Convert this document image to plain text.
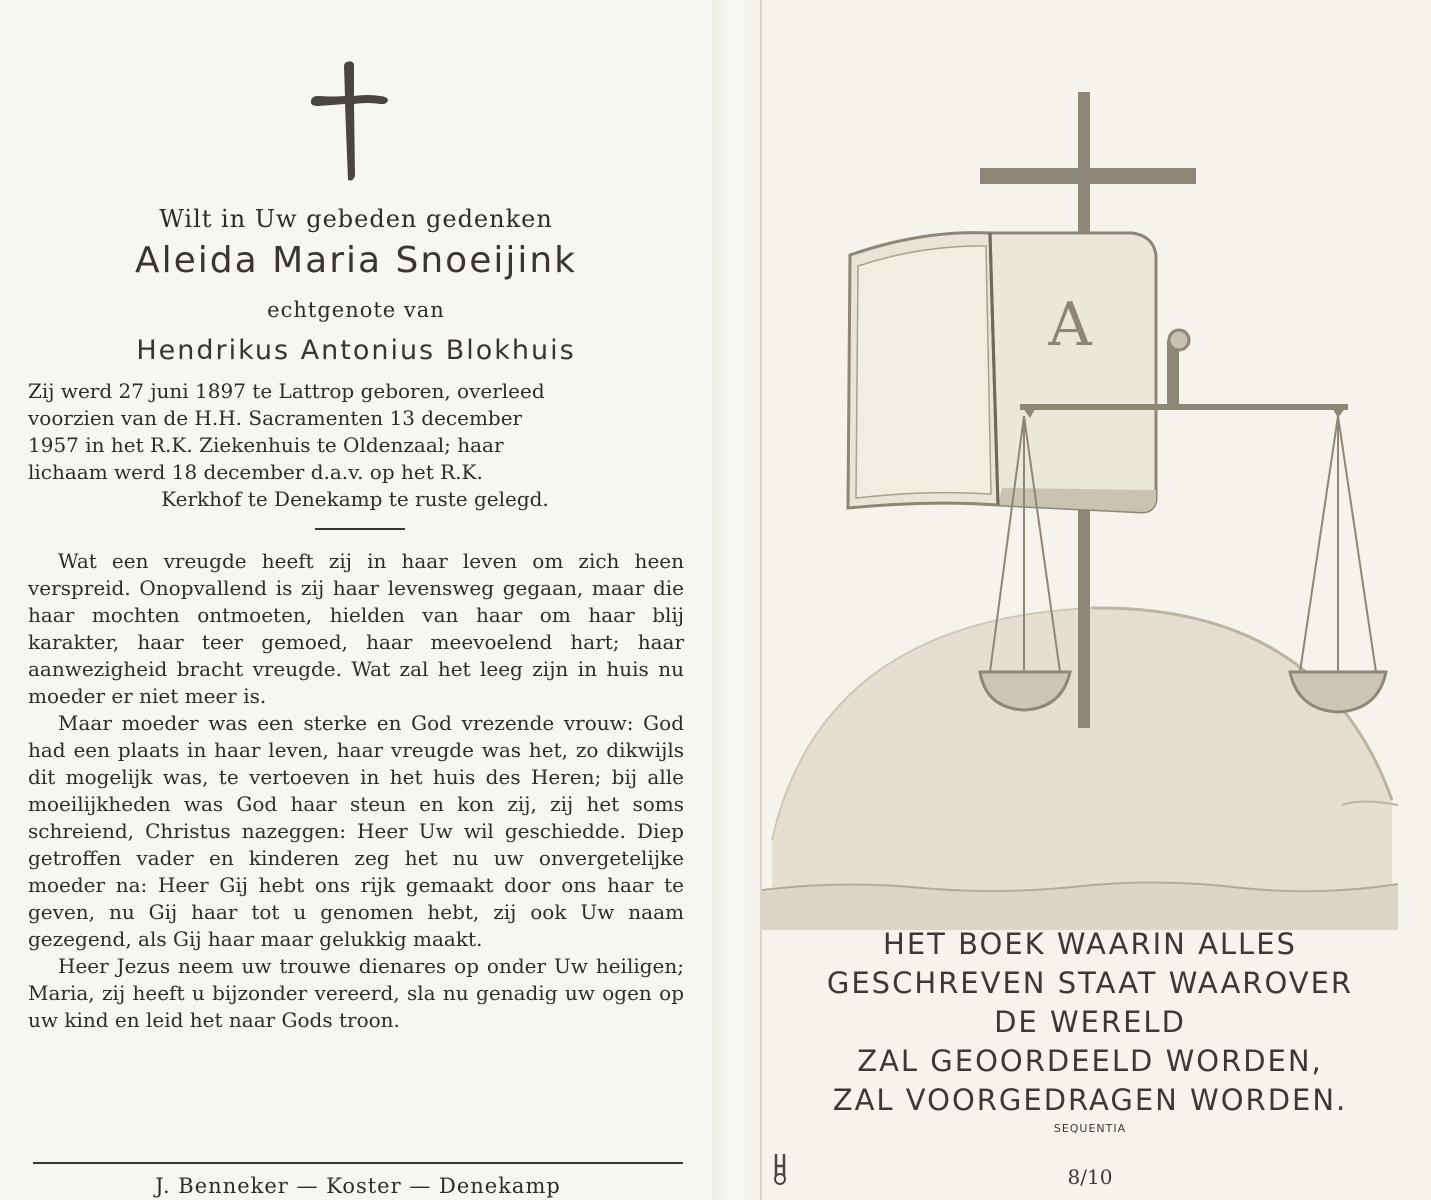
Wilt in Uw gebeden gedenken
Aleida Maria Snoeijink
echtgenote van
Hendrikus Antonius Blokhuis
Zij werd 27 juni 1897 te Lattrop geboren, overleed
voorzien van de H.H. Sacramenten 13 december
1957 in het R.K. Ziekenhuis te Oldenzaal; haar
lichaam werd 18 december d.a.v. op het R.K.
Kerkhof te Denekamp te ruste gelegd.

Wat een vreugde heeft zij in haar leven om zich heen verspreid. Onopvallend is zij haar levensweg gegaan, maar die haar mochten ontmoeten, hielden van haar om haar blij karakter, haar teer gemoed, haar meevoelend hart; haar aanwezigheid bracht vreugde. Wat zal het leeg zijn in huis nu moeder er niet meer is.

Maar moeder was een sterke en God vrezende vrouw: God had een plaats in haar leven, haar vreugde was het, zo dikwijls dit mogelijk was, te vertoeven in het huis des Heren; bij alle moeilijkheden was God haar steun en kon zij, zij het soms schreiend, Christus nazeggen: Heer Uw wil geschiedde. Diep getroffen vader en kinderen zeg het nu uw onvergetelijke moeder na: Heer Gij hebt ons rijk gemaakt door ons haar te geven, nu Gij haar tot u genomen hebt, zij ook Uw naam gezegend, als Gij haar maar gelukkig maakt.

Heer Jezus neem uw trouwe dienares op onder Uw heiligen; Maria, zij heeft u bijzonder vereerd, sla nu genadig uw ogen op uw kind en leid het naar Gods troon.

J. Benneker — Koster — Denekamp
A
HET BOEK WAARIN ALLES
GESCHREVEN STAAT WAAROVER
DE WERELD
ZAL GEOORDEELD WORDEN,
ZAL VOORGEDRAGEN WORDEN.
SEQUENTIA
8/10
